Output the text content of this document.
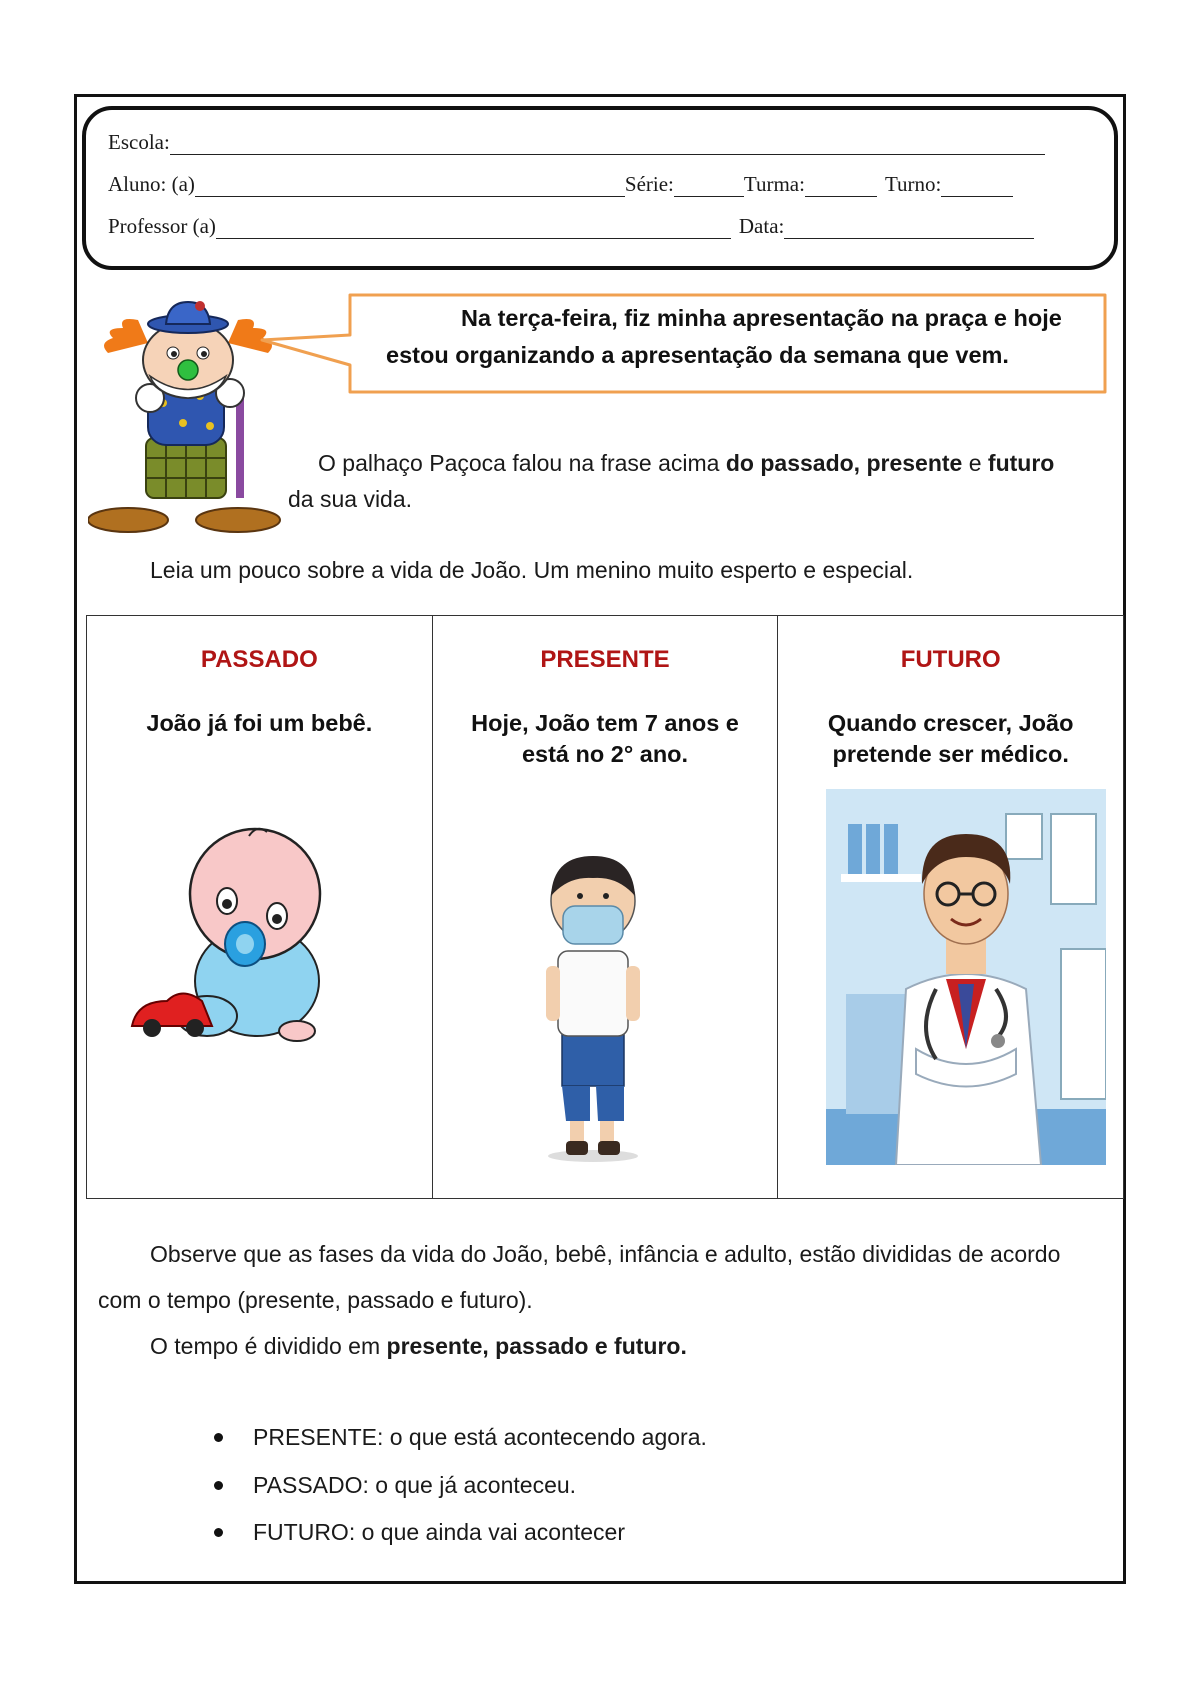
Escola:
Aluno: (a)	Série:	Turma:	Turno:
Professor (a)	Data:
Na terça-feira, fiz minha apresentação na praça e hoje
estou organizando a apresentação da semana que vem.
O palhaço Paçoca falou na frase acima do passado, presente e futuro
da sua vida.
Leia um pouco sobre a vida de João. Um menino muito esperto e especial.
PASSADO
João já foi um bebê.
PRESENTE
Hoje, João tem 7 anos e está no 2° ano.
FUTURO
Quando crescer, João pretende ser médico.
Observe que as fases da vida do João, bebê, infância e adulto, estão divididas de acordo
com o tempo (presente, passado e futuro).
O tempo é dividido em presente, passado e futuro.
PRESENTE: o que está acontecendo agora.
PASSADO: o que já aconteceu.
FUTURO: o que ainda vai acontecer
